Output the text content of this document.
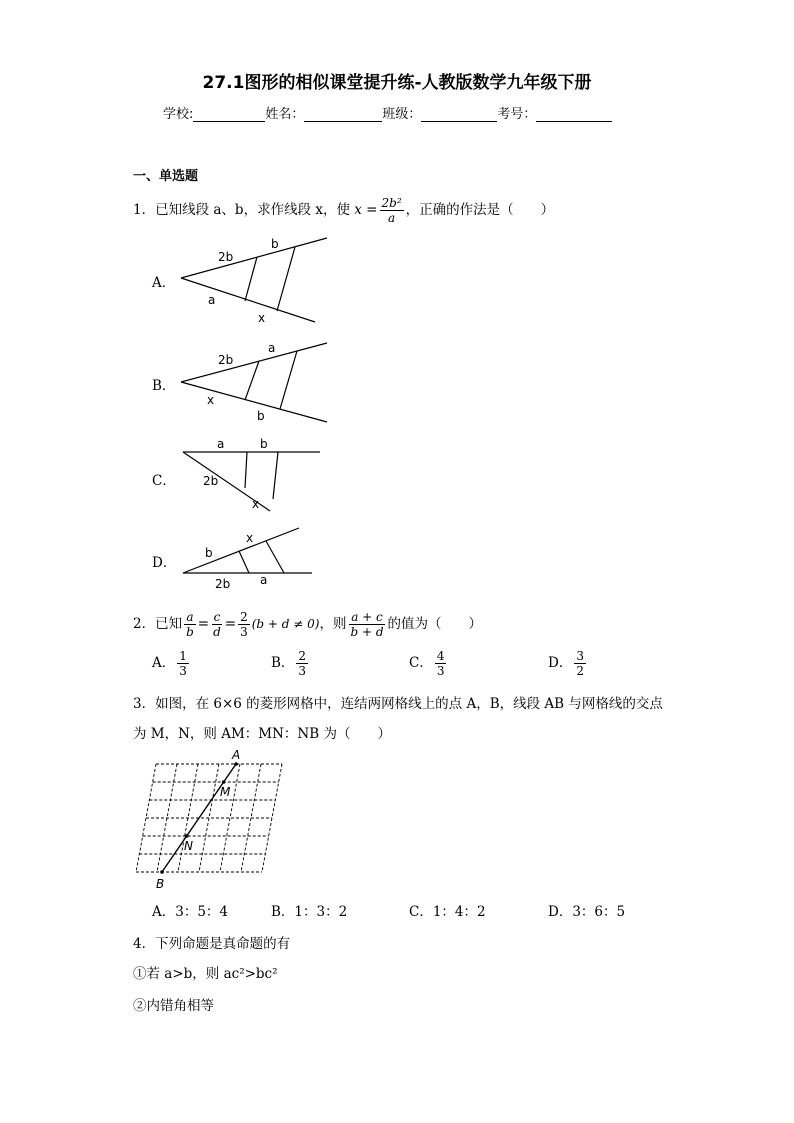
27.1图形的相似课堂提升练-人教版数学九年级下册
学校:	姓名：	班级：	考号：
一、单选题
1．已知线段 a、b，求作线段 x，使 $x = \frac{\text{2b²}}{a}$ ，正确的作法是（　　）
A．
2b
b
a
x
B．
2b
a
x
b
C．
a	b
2b
x
D．
b
x
2b a
2．已知 $\frac{a}{b} = \frac{c}{d} = \frac{2}{3} (b + d \ne 0)$，则 $\frac{a + c}{b + d}$ 的值为（　　）
A． $\frac{1}{3}$	B． $\frac{2}{3}$	C． $\frac{4}{3}$	D． $\frac{3}{2}$
3．如图，在 6×6 的菱形网格中，连结两网格线上的点 A，B，线段 AB 与网格线的交点
为 M，N，则 AM：MN：NB 为（　　）
A
M
N
B
A．3：5：4	B．1：3：2	C．1：4：2	D．3：6：5
4．下列命题是真命题的有
①若 a>b，则 ac²>bc²
②内错角相等
